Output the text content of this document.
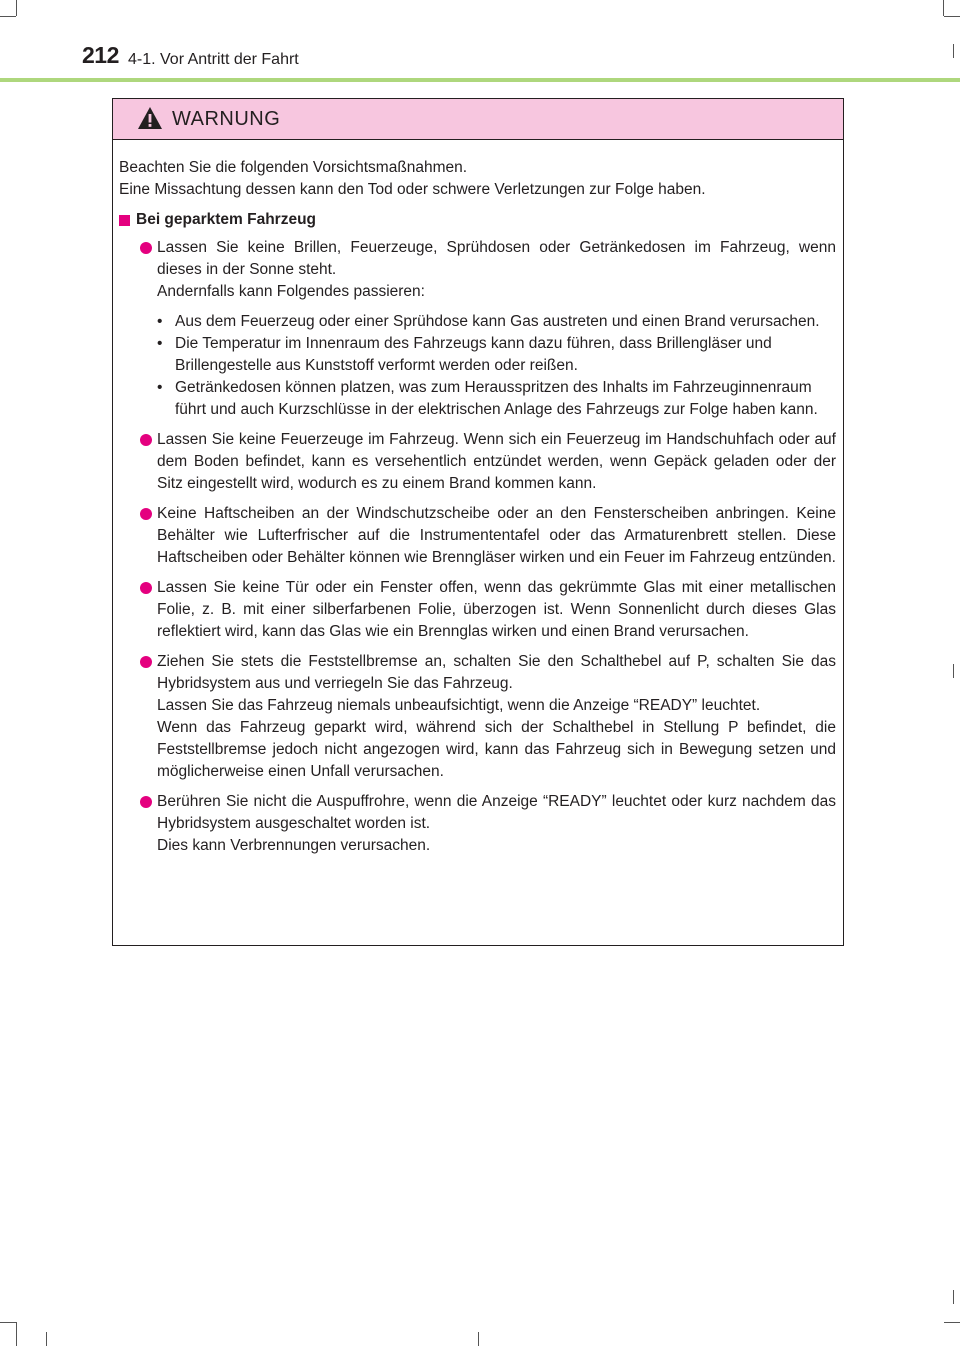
212 4-1. Vor Antritt der Fahrt
WARNUNG

Beachten Sie die folgenden Vorsichtsmaßnahmen.

Eine Missachtung dessen kann den Tod oder schwere Verletzungen zur Folge haben.

Bei geparktem Fahrzeug

Lassen Sie keine Brillen, Feuerzeuge, Sprühdosen oder Getränkedosen im Fahrzeug, wenn dieses in der Sonne steht.

Andernfalls kann Folgendes passieren:

• Aus dem Feuerzeug oder einer Sprühdose kann Gas austreten und einen Brand verursachen.
• Die Temperatur im Innenraum des Fahrzeugs kann dazu führen, dass Brillengläser und Brillengestelle aus Kunststoff verformt werden oder reißen.
• Getränkedosen können platzen, was zum Herausspritzen des Inhalts im Fahrzeuginnenraum führt und auch Kurzschlüsse in der elektrischen Anlage des Fahrzeugs zur Folge haben kann.

Lassen Sie keine Feuerzeuge im Fahrzeug. Wenn sich ein Feuerzeug im Handschuhfach oder auf dem Boden befindet, kann es versehentlich entzündet werden, wenn Gepäck geladen oder der Sitz eingestellt wird, wodurch es zu einem Brand kommen kann.

Keine Haftscheiben an der Windschutzscheibe oder an den Fensterscheiben anbringen. Keine Behälter wie Lufterfrischer auf die Instrumententafel oder das Armaturenbrett stellen. Diese Haftscheiben oder Behälter können wie Brenngläser wirken und ein Feuer im Fahrzeug entzünden.

Lassen Sie keine Tür oder ein Fenster offen, wenn das gekrümmte Glas mit einer metallischen Folie, z. B. mit einer silberfarbenen Folie, überzogen ist. Wenn Sonnenlicht durch dieses Glas reflektiert wird, kann das Glas wie ein Brennglas wirken und einen Brand verursachen.

Ziehen Sie stets die Feststellbremse an, schalten Sie den Schalthebel auf P, schalten Sie das Hybridsystem aus und verriegeln Sie das Fahrzeug.

Lassen Sie das Fahrzeug niemals unbeaufsichtigt, wenn die Anzeige “READY” leuchtet.

Wenn das Fahrzeug geparkt wird, während sich der Schalthebel in Stellung P befindet, die Feststellbremse jedoch nicht angezogen wird, kann das Fahrzeug sich in Bewegung setzen und möglicherweise einen Unfall verursachen.

Berühren Sie nicht die Auspuffrohre, wenn die Anzeige “READY” leuchtet oder kurz nachdem das Hybridsystem ausgeschaltet worden ist.

Dies kann Verbrennungen verursachen.
